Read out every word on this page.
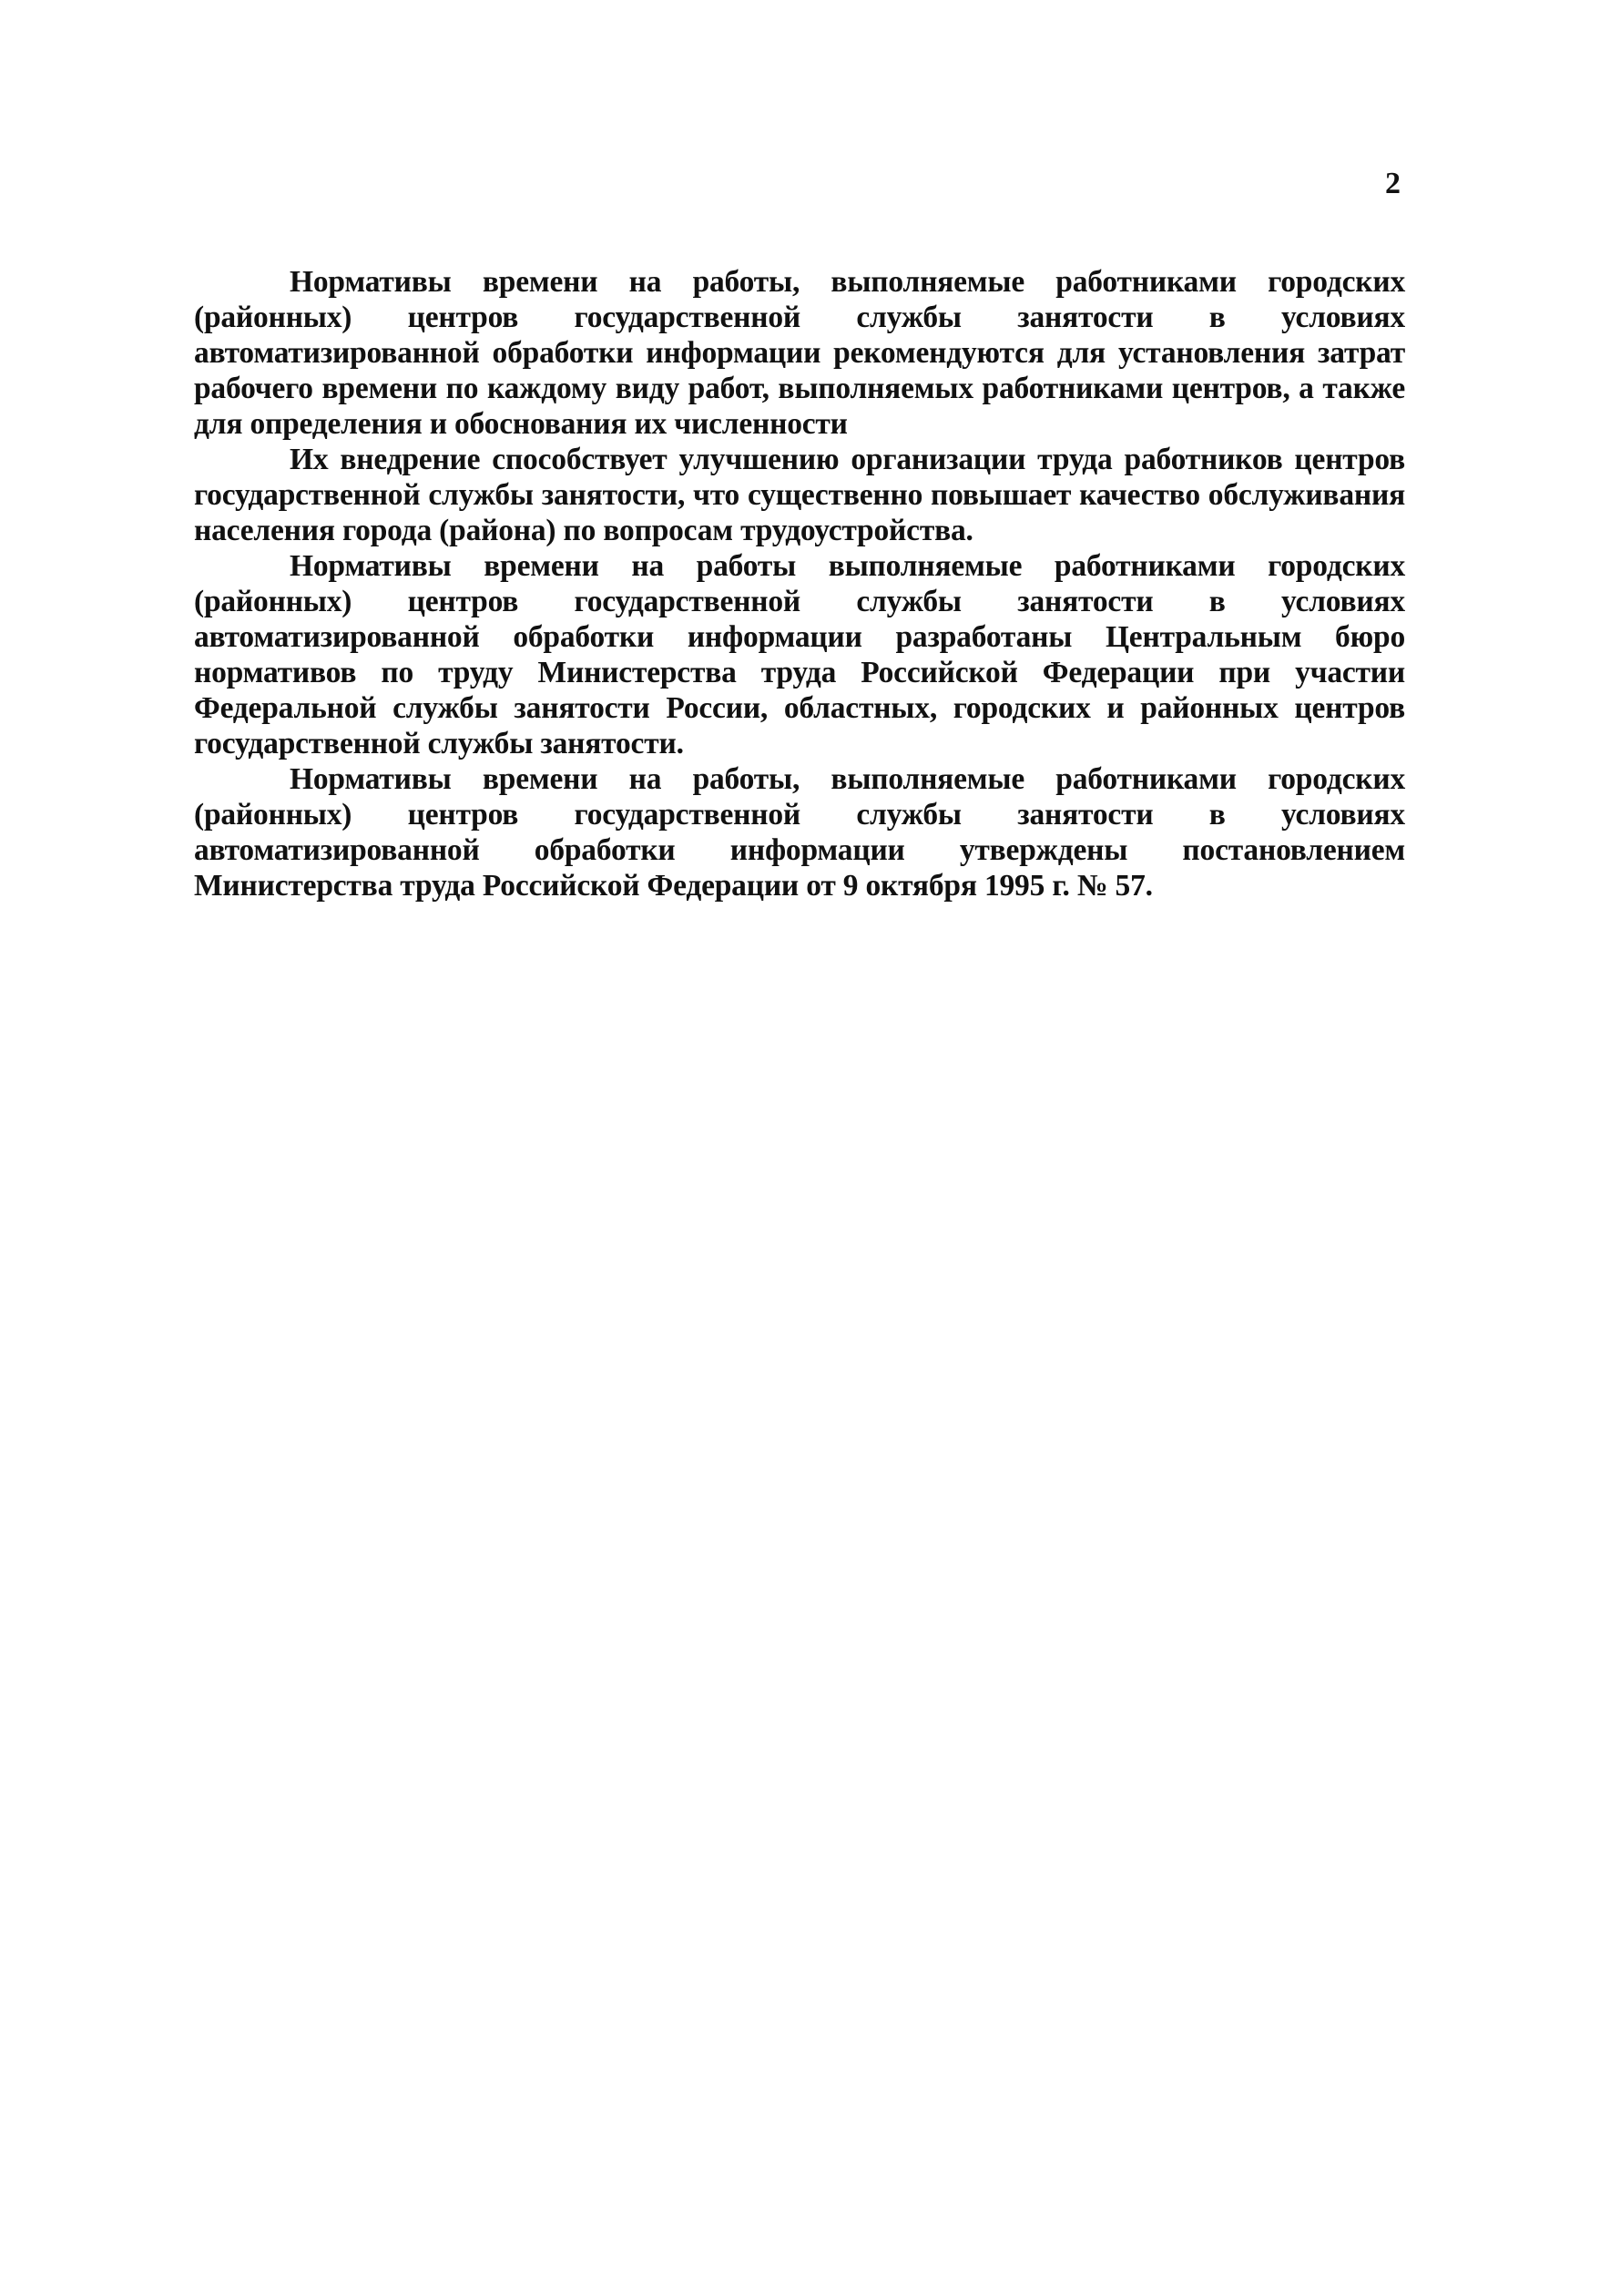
2

Нормативы времени на работы, выполняемые работниками городских (районных) центров государственной службы занятости в условиях автоматизированной обработки информации рекомендуются для установления затрат рабочего времени по каждому виду работ, выполняемых работниками центров, а также для определения и обоснования их численности

Их внедрение способствует улучшению организации труда работников центров государственной службы занятости, что существенно повышает качество обслуживания населения города (района) по вопросам трудоустройства.

Нормативы времени на работы выполняемые работниками городских (районных) центров государственной службы занятости в условиях автоматизированной обработки информации разработаны Центральным бюро нормативов по труду Министерства труда Российской Федерации при участии Федеральной службы занятости России, областных, городских и районных центров государственной службы занятости.

Нормативы времени на работы, выполняемые работниками городских (районных) центров государственной службы занятости в условиях автоматизированной обработки информации утверждены постановлением Министерства труда Российской Федерации от 9 октября 1995 г. № 57.
